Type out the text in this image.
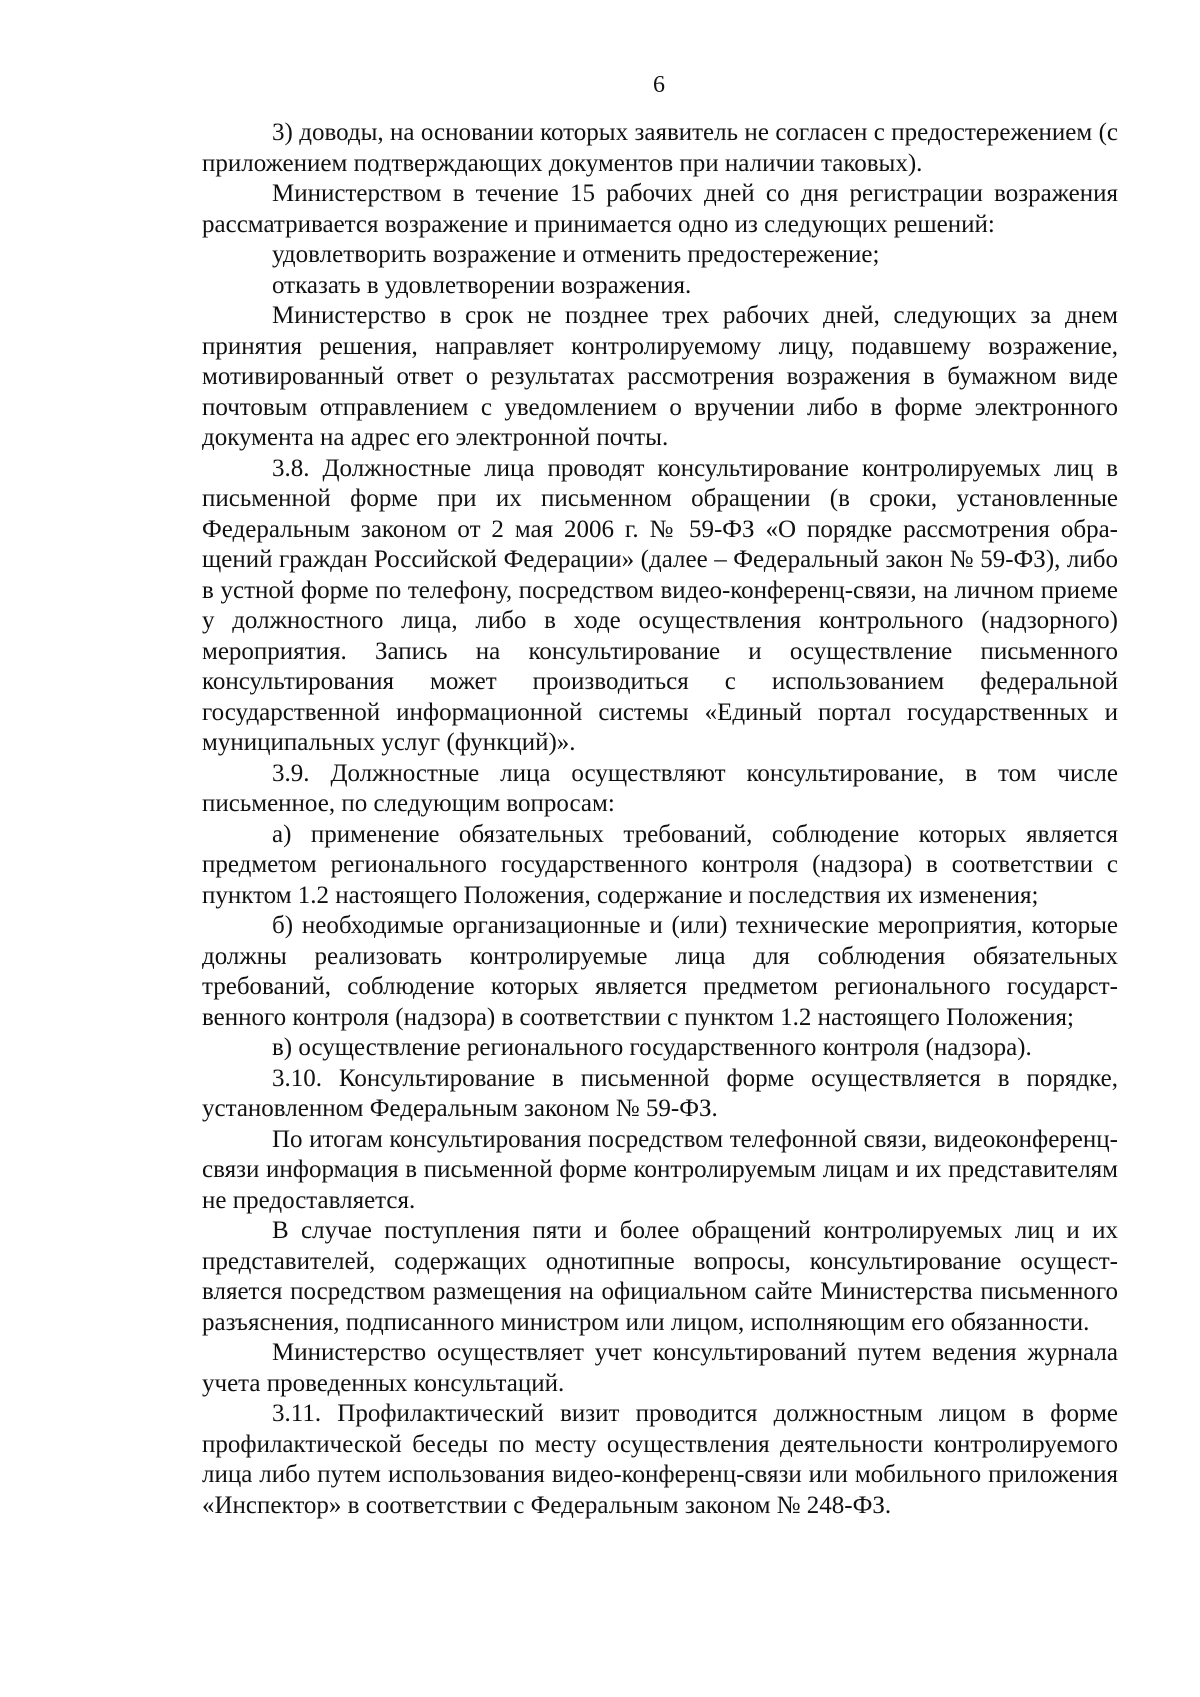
6

3) доводы, на основании которых заявитель не согласен с предостережением (с приложением подтверждающих документов при наличии таковых).

Министерством в течение 15 рабочих дней со дня регистрации возражения рассматривается возражение и принимается одно из следующих решений:

удовлетворить возражение и отменить предостережение;

отказать в удовлетворении возражения.

Министерство в срок не позднее трех рабочих дней, следующих за днем принятия решения, направляет контролируемому лицу, подавшему возражение, мотивированный ответ о результатах рассмотрения возражения в бумажном виде почтовым отправлением с уведомлением о вручении либо в форме электронного документа на адрес его электронной почты.

3.8. Должностные лица проводят консультирование контролируемых лиц в письменной форме при их письменном обращении (в сроки, установленные Федеральным законом от 2 мая 2006 г. № 59-ФЗ «О порядке рассмотрения обращений граждан Российской Федерации» (далее – Федеральный закон № 59-ФЗ), либо в устной форме по телефону, посредством видео-конференц-связи, на личном приеме у должностного лица, либо в ходе осуществления контрольного (надзорного) мероприятия. Запись на консультирование и осуществление письменного консультирования может производиться с использованием федеральной государственной информационной системы «Единый портал государственных и муниципальных услуг (функций)».

3.9. Должностные лица осуществляют консультирование, в том числе письменное, по следующим вопросам:

а) применение обязательных требований, соблюдение которых является предметом регионального государственного контроля (надзора) в соответствии с пунктом 1.2 настоящего Положения, содержание и последствия их изменения;

б) необходимые организационные и (или) технические мероприятия, которые должны реализовать контролируемые лица для соблюдения обязательных требований, соблюдение которых является предметом регионального государственного контроля (надзора) в соответствии с пунктом 1.2 настоящего Положения;

в) осуществление регионального государственного контроля (надзора).

3.10. Консультирование в письменной форме осуществляется в порядке, установленном Федеральным законом № 59-ФЗ.

По итогам консультирования посредством телефонной связи, видеоконференц-связи информация в письменной форме контролируемым лицам и их представителям не предоставляется.

В случае поступления пяти и более обращений контролируемых лиц и их представителей, содержащих однотипные вопросы, консультирование осуществляется посредством размещения на официальном сайте Министерства письменного разъяснения, подписанного министром или лицом, исполняющим его обязанности.

Министерство осуществляет учет консультирований путем ведения журнала учета проведенных консультаций.

3.11. Профилактический визит проводится должностным лицом в форме профилактической беседы по месту осуществления деятельности контролируемого лица либо путем использования видео-конференц-связи или мобильного приложения «Инспектор» в соответствии с Федеральным законом № 248-ФЗ.
